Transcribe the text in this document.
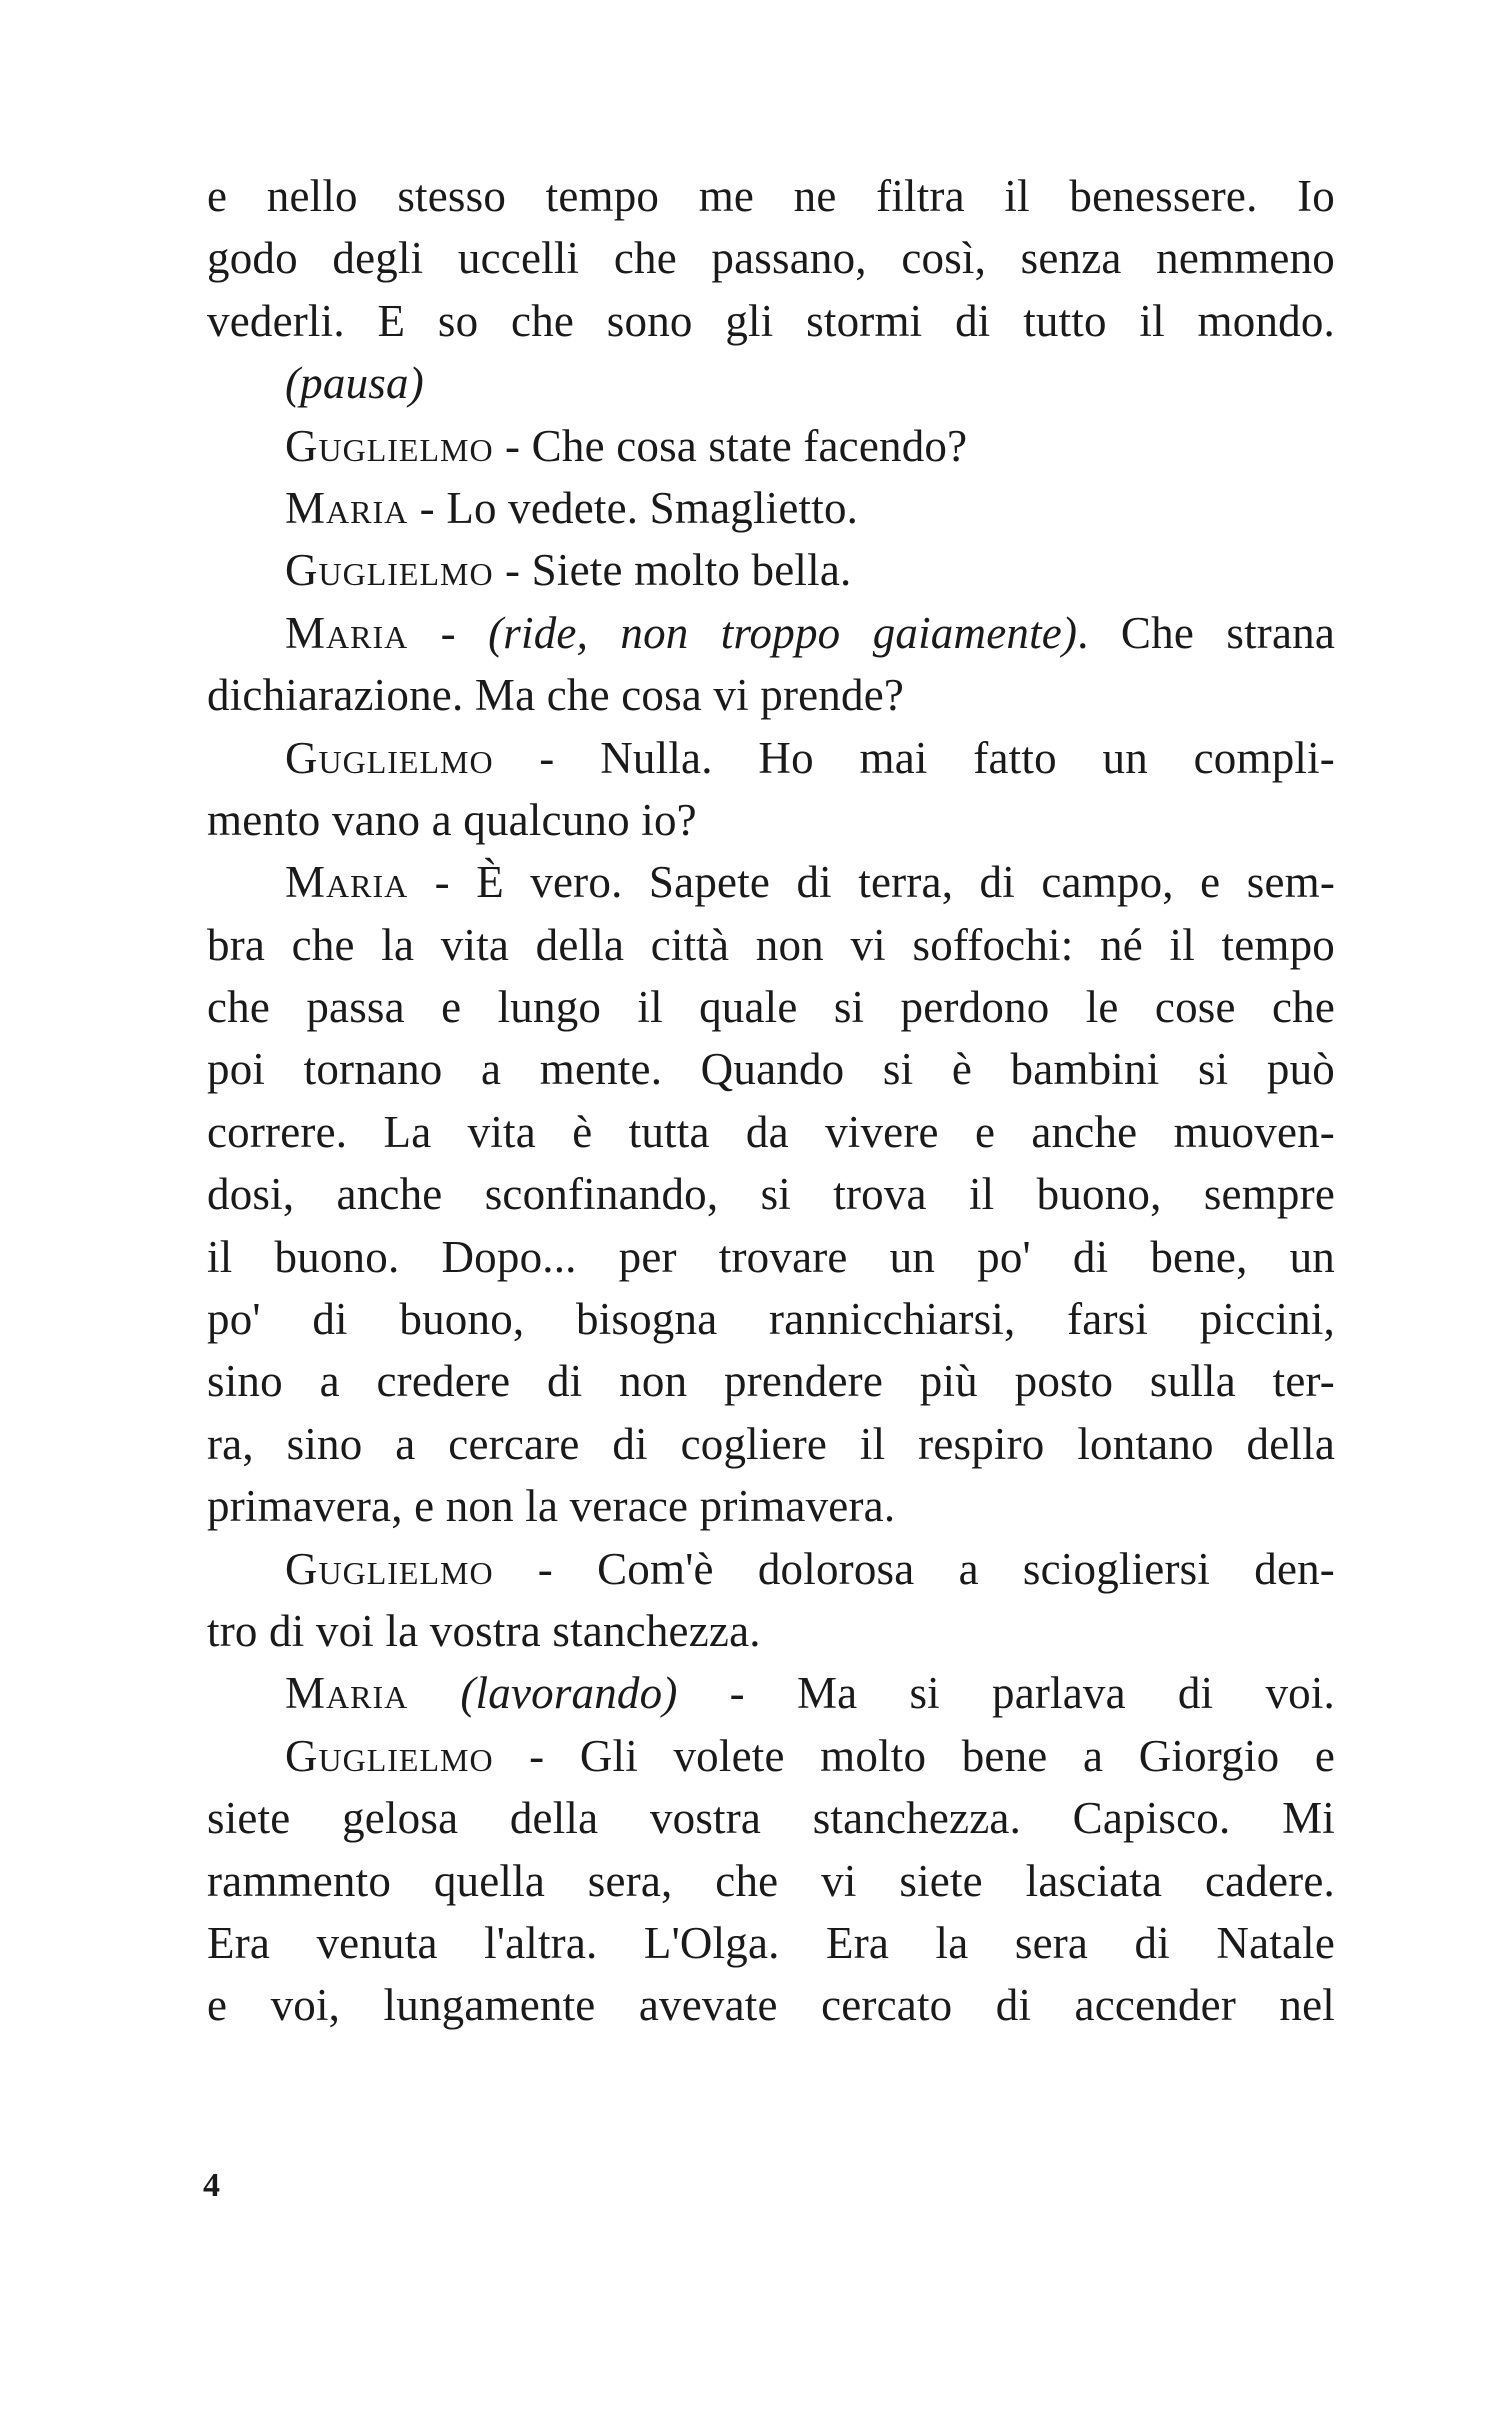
e nello stesso tempo me ne filtra il benessere. Io
godo degli uccelli che passano, così, senza nemmeno
vederli. E so che sono gli stormi di tutto il mondo.
(pausa)
Guglielmo - Che cosa state facendo?
Maria - Lo vedete. Smaglietto.
Guglielmo - Siete molto bella.
Maria - (ride, non troppo gaiamente). Che strana
dichiarazione. Ma che cosa vi prende?
Guglielmo - Nulla. Ho mai fatto un compli-
mento vano a qualcuno io?
Maria - È vero. Sapete di terra, di campo, e sem-
bra che la vita della città non vi soffochi: né il tempo
che passa e lungo il quale si perdono le cose che
poi tornano a mente. Quando si è bambini si può
correre. La vita è tutta da vivere e anche muoven-
dosi, anche sconfinando, si trova il buono, sempre
il buono. Dopo... per trovare un po' di bene, un
po' di buono, bisogna rannicchiarsi, farsi piccini,
sino a credere di non prendere più posto sulla ter-
ra, sino a cercare di cogliere il respiro lontano della
primavera, e non la verace primavera.
Guglielmo - Com'è dolorosa a sciogliersi den-
tro di voi la vostra stanchezza.
Maria (lavorando) - Ma si parlava di voi.
Guglielmo - Gli volete molto bene a Giorgio e
siete gelosa della vostra stanchezza. Capisco. Mi
rammento quella sera, che vi siete lasciata cadere.
Era venuta l'altra. L'Olga. Era la sera di Natale
e voi, lungamente avevate cercato di accender nel
4
